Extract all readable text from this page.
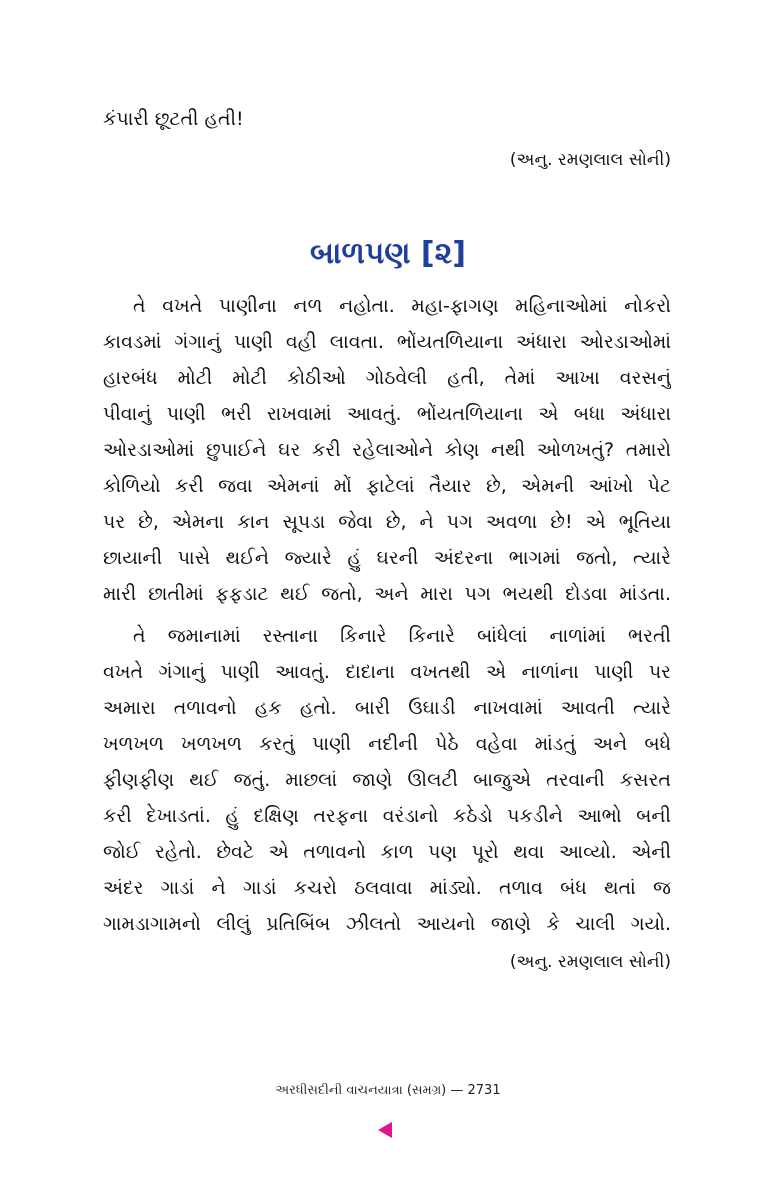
કંપારી છૂટતી હતી!
(અનુ. રમણલાલ સોની)
બાળપણ [૨]
તે વખતે પાણીના નળ નહોતા. મહા-ફાગણ મહિનાઓમાં નોકરો
કાવડમાં ગંગાનું પાણી વહી લાવતા. ભોંયતળિયાના અંધારા ઓરડાઓમાં
હારબંધ મોટી મોટી કોઠીઓ ગોઠવેલી હતી, તેમાં આખા વરસનું
પીવાનું પાણી ભરી રાખવામાં આવતું. ભોંયતળિયાના એ બધા અંધારા
ઓરડાઓમાં છુપાઈને ઘર કરી રહેલાઓને કોણ નથી ઓળખતું? તમારો
કોળિયો કરી જવા એમનાં મોં ફાટેલાં તૈયાર છે, એમની આંખો પેટ
પર છે, એમના કાન સૂપડા જેવા છે, ને પગ અવળા છે! એ ભૂતિયા
છાયાની પાસે થઈને જ્યારે હું ઘરની અંદરના ભાગમાં જતો, ત્યારે
મારી છાતીમાં ફફડાટ થઈ જતો, અને મારા પગ ભયથી દોડવા માંડતા.
તે જમાનામાં રસ્તાના કિનારે કિનારે બાંધેલાં નાળાંમાં ભરતી
વખતે ગંગાનું પાણી આવતું. દાદાના વખતથી એ નાળાંના પાણી પર
અમારા તળાવનો હક હતો. બારી ઉઘાડી નાખવામાં આવતી ત્યારે
ખળખળ ખળખળ કરતું પાણી નદીની પેઠે વહેવા માંડતું અને બધે
ફીણફીણ થઈ જતું. માછલાં જાણે ઊલટી બાજુએ તરવાની કસરત
કરી દેખાડતાં. હું દક્ષિણ તરફના વરંડાનો કઠેડો પકડીને આભો બની
જોઈ રહેતો. છેવટે એ તળાવનો કાળ પણ પૂરો થવા આવ્યો. એની
અંદર ગાડાં ને ગાડાં કચરો ઠલવાવા માંડ્યો. તળાવ બંધ થતાં જ
ગામડાગામનો લીલું પ્રતિબિંબ ઝીલતો આયનો જાણે કે ચાલી ગયો.
(અનુ. રમણલાલ સોની)
અરધીસદીની વાચનયાત્રા (સમગ્ર) — 2731
